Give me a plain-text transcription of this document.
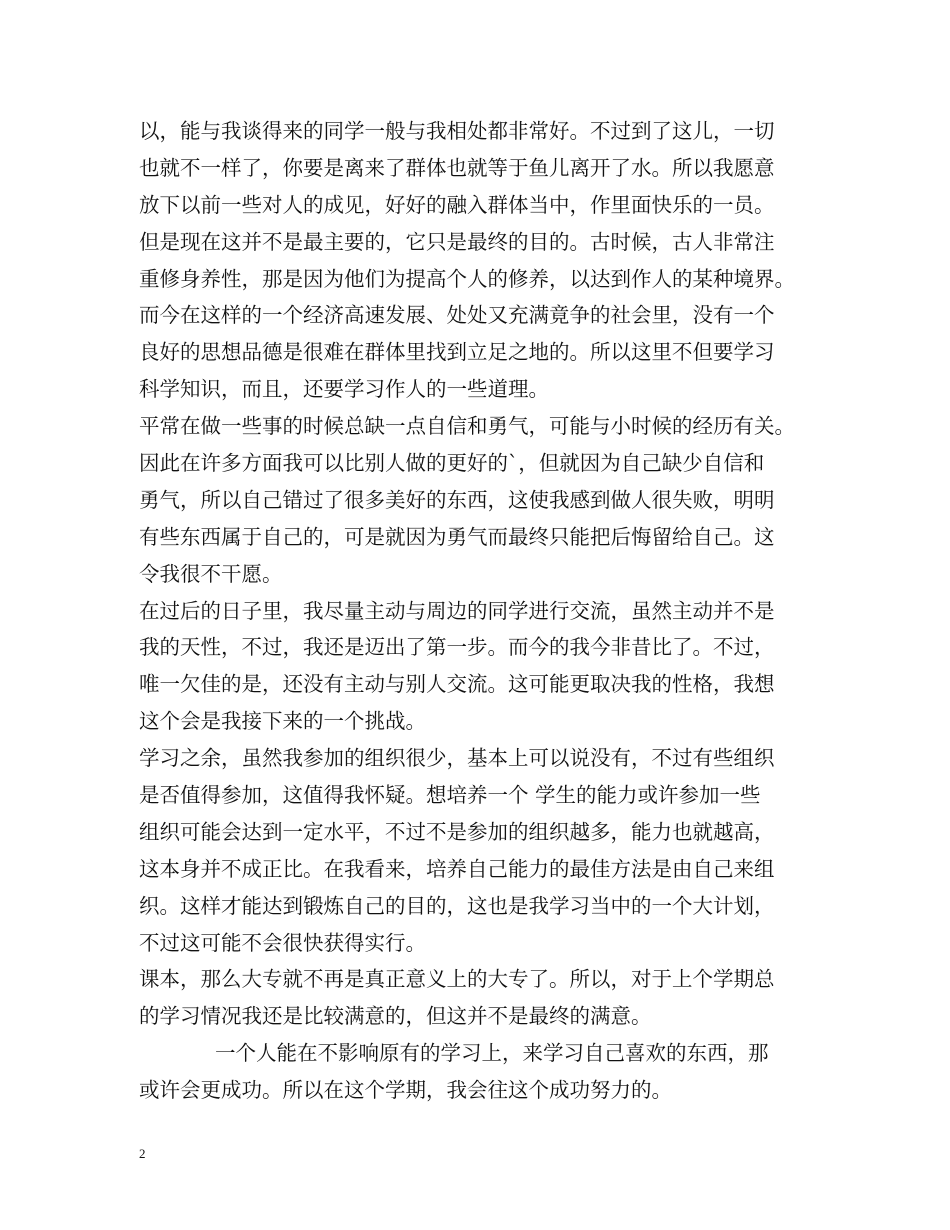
以，能与我谈得来的同学一般与我相处都非常好。不过到了这儿，一切
也就不一样了，你要是离来了群体也就等于鱼儿离开了水。所以我愿意
放下以前一些对人的成见，好好的融入群体当中，作里面快乐的一员。
但是现在这并不是最主要的，它只是最终的目的。古时候，古人非常注
重修身养性，那是因为他们为提高个人的修养，以达到作人的某种境界。
而今在这样的一个经济高速发展、处处又充满竟争的社会里，没有一个
良好的思想品德是很难在群体里找到立足之地的。所以这里不但要学习
科学知识，而且，还要学习作人的一些道理。
平常在做一些事的时候总缺一点自信和勇气，可能与小时候的经历有关。
因此在许多方面我可以比别人做的更好的`，但就因为自己缺少自信和
勇气，所以自己错过了很多美好的东西，这使我感到做人很失败，明明
有些东西属于自己的，可是就因为勇气而最终只能把后悔留给自己。这
令我很不干愿。
在过后的日子里，我尽量主动与周边的同学进行交流，虽然主动并不是
我的天性，不过，我还是迈出了第一步。而今的我今非昔比了。不过，
唯一欠佳的是，还没有主动与别人交流。这可能更取决我的性格，我想
这个会是我接下来的一个挑战。
学习之余，虽然我参加的组织很少，基本上可以说没有，不过有些组织
是否值得参加，这值得我怀疑。想培养一个 学生的能力或许参加一些
组织可能会达到一定水平，不过不是参加的组织越多，能力也就越高，
这本身并不成正比。在我看来，培养自己能力的最佳方法是由自己来组
织。这样才能达到锻炼自己的目的，这也是我学习当中的一个大计划，
不过这可能不会很快获得实行。
课本，那么大专就不再是真正意义上的大专了。所以，对于上个学期总
的学习情况我还是比较满意的，但这并不是最终的满意。
一个人能在不影响原有的学习上，来学习自己喜欢的东西，那
或许会更成功。所以在这个学期，我会往这个成功努力的。
2
